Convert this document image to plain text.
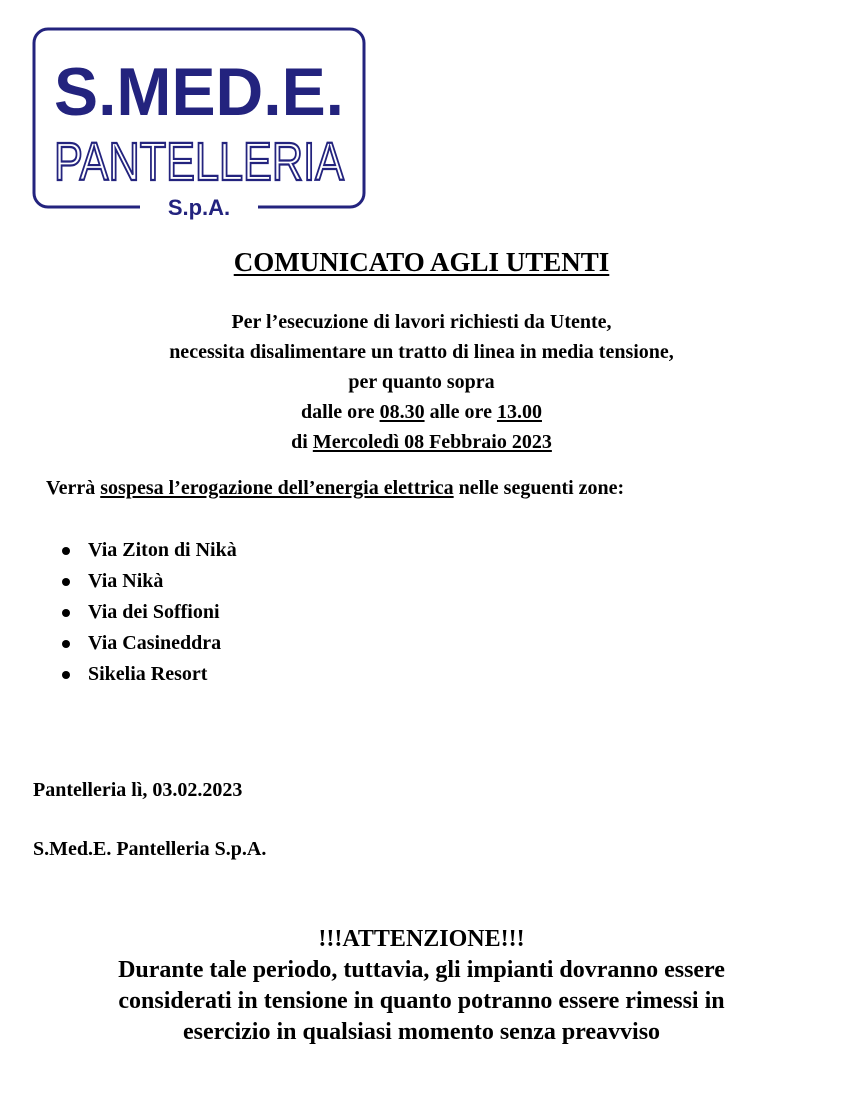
S.MED.E.
PANTELLERIA
S.p.A.
COMUNICATO AGLI UTENTI
Per l’esecuzione di lavori richiesti da Utente,
necessita disalimentare un tratto di linea in media tensione,
per quanto sopra
dalle ore 08.30 alle ore 13.00
di Mercoledì 08 Febbraio 2023
Verrà sospesa l’erogazione dell’energia elettrica nelle seguenti zone:
Via Ziton di Nikà
Via Nikà
Via dei Soffioni
Via Casineddra
Sikelia Resort
Pantelleria lì, 03.02.2023
S.Med.E. Pantelleria S.p.A.
!!!ATTENZIONE!!!
Durante tale periodo, tuttavia, gli impianti dovranno essere
considerati in tensione in quanto potranno essere rimessi in
esercizio in qualsiasi momento senza preavviso
